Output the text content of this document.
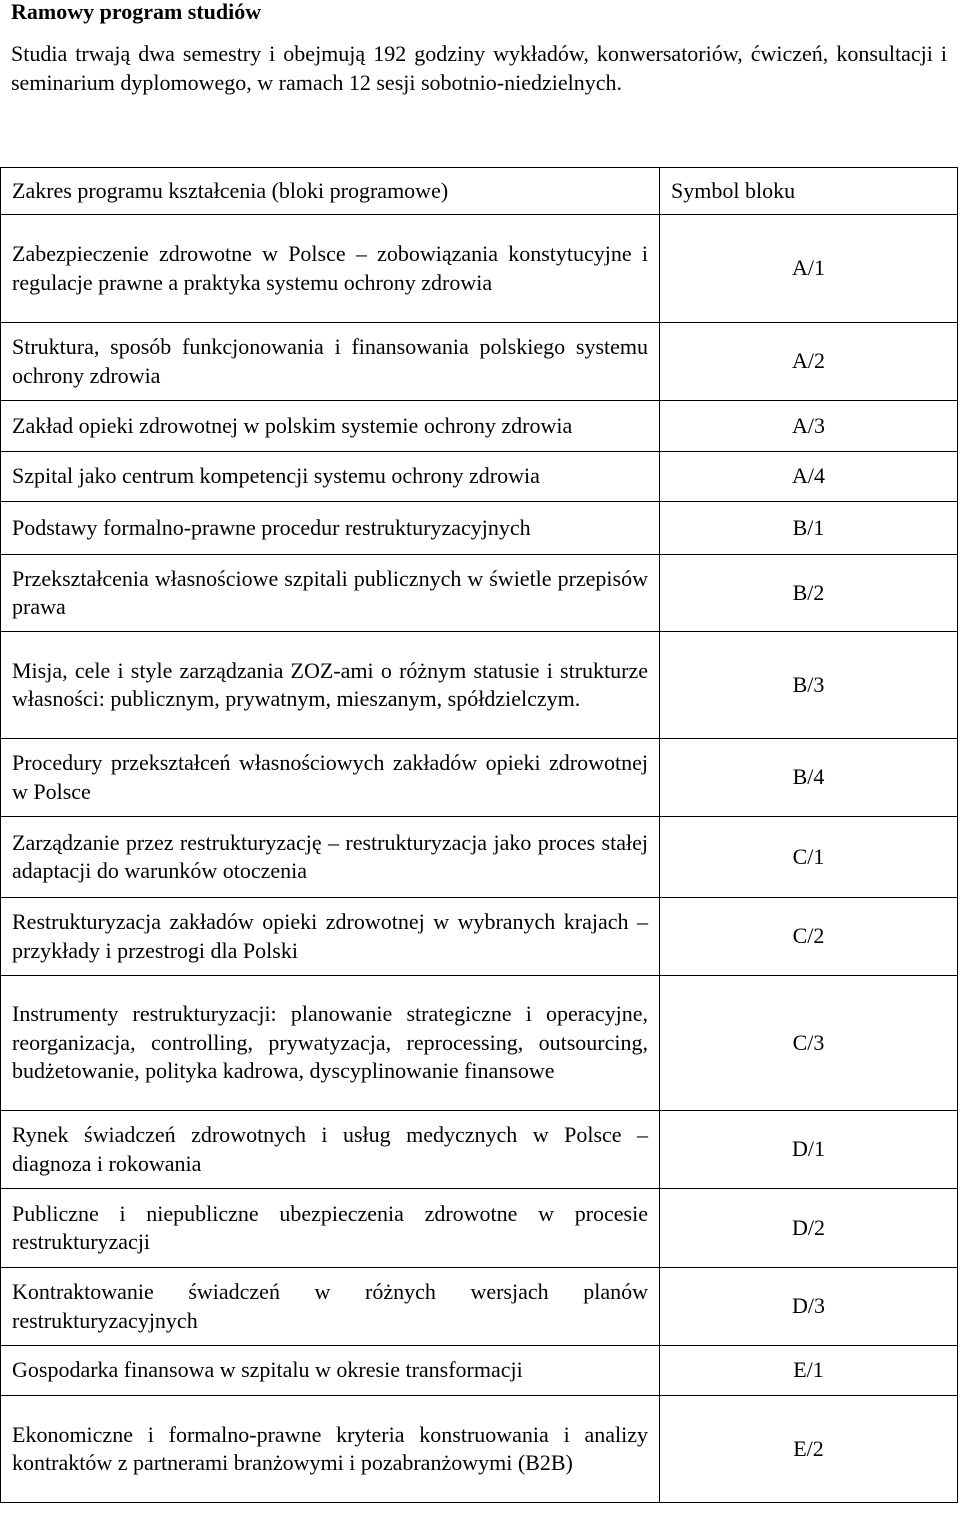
Ramowy program studiów
Studia trwają dwa semestry i obejmują 192 godziny wykładów, konwersatoriów, ćwiczeń, konsultacji i seminarium dyplomowego, w ramach 12 sesji sobotnio-niedzielnych.
Zakres programu kształcenia (bloki programowe)	Symbol bloku

Zabezpieczenie zdrowotne w Polsce – zobowiązania konstytucyjne i regulacje prawne a praktyka systemu ochrony zdrowia	A/1

Struktura, sposób funkcjonowania i finansowania polskiego systemu ochrony zdrowia	A/2

Zakład opieki zdrowotnej w polskim systemie ochrony zdrowia	A/3

Szpital jako centrum kompetencji systemu ochrony zdrowia	A/4

Podstawy formalno-prawne procedur restrukturyzacyjnych	B/1

Przekształcenia własnościowe szpitali publicznych w świetle przepisów prawa	B/2

Misja, cele i style zarządzania ZOZ-ami o różnym statusie i strukturze własności: publicznym, prywatnym, mieszanym, spółdzielczym.	B/3

Procedury przekształceń własnościowych zakładów opieki zdrowotnej w Polsce	B/4

Zarządzanie przez restrukturyzację – restrukturyzacja jako proces stałej adaptacji do warunków otoczenia	C/1

Restrukturyzacja zakładów opieki zdrowotnej w wybranych krajach – przykłady i przestrogi dla Polski	C/2

Instrumenty restrukturyzacji: planowanie strategiczne i operacyjne, reorganizacja, controlling, prywatyzacja, reprocessing, outsourcing, budżetowanie, polityka kadrowa, dyscyplinowanie finansowe	C/3

Rynek świadczeń zdrowotnych i usług medycznych w Polsce – diagnoza i rokowania	D/1

Publiczne i niepubliczne ubezpieczenia zdrowotne w procesie restrukturyzacji	D/2

Kontraktowanie świadczeń w różnych wersjach planów restrukturyzacyjnych	D/3

Gospodarka finansowa w szpitalu w okresie transformacji	E/1

Ekonomiczne i formalno-prawne kryteria konstruowania i analizy kontraktów z partnerami branżowymi i pozabranżowymi (B2B)	E/2
